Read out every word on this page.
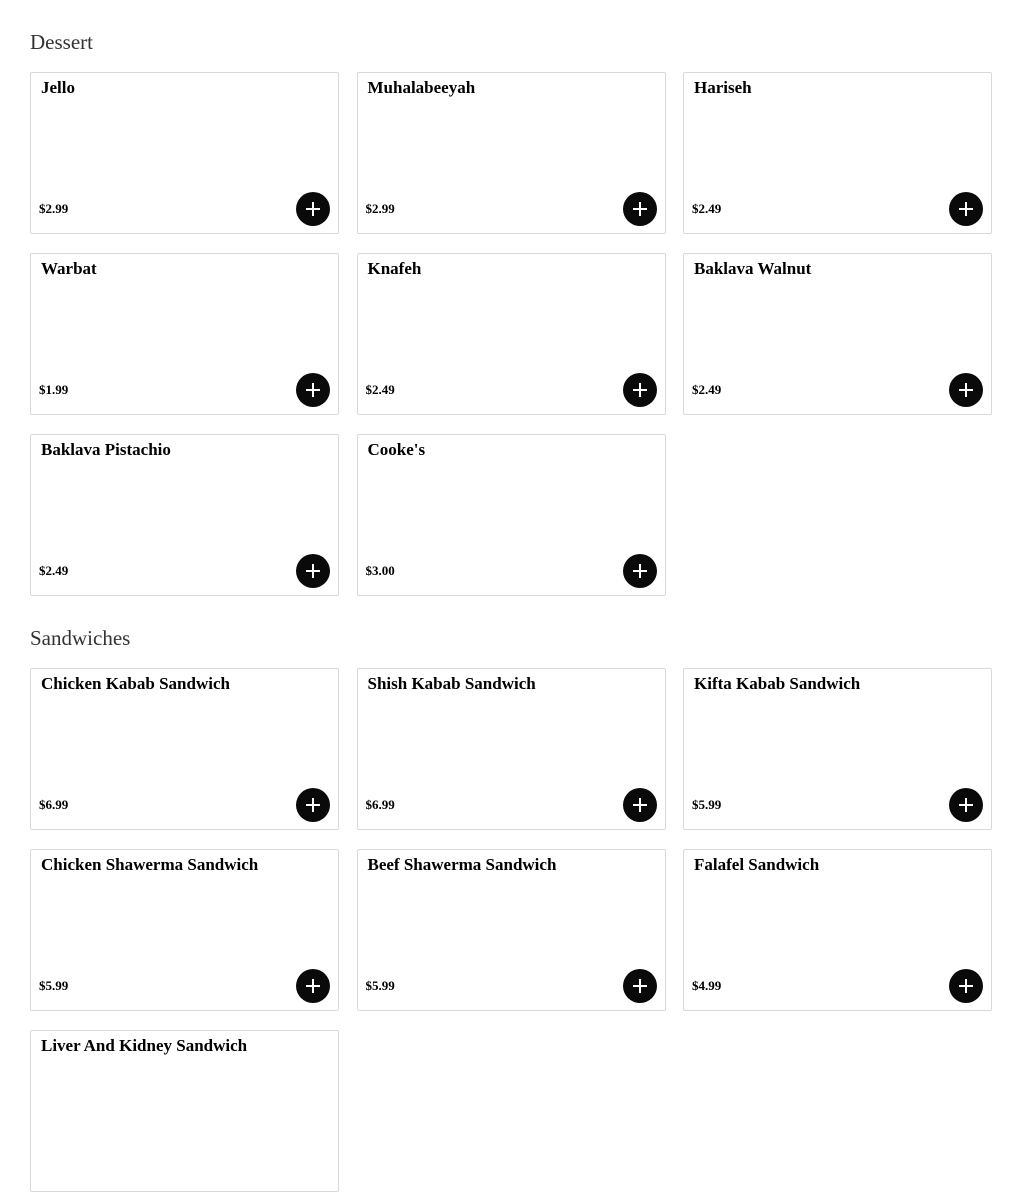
Dessert
Jello
$2.99
Muhalabeeyah
$2.99
Hariseh
$2.49
Warbat
$1.99
Knafeh
$2.49
Baklava Walnut
$2.49
Baklava Pistachio
$2.49
Cooke's
$3.00
Sandwiches
Chicken Kabab Sandwich
$6.99
Shish Kabab Sandwich
$6.99
Kifta Kabab Sandwich
$5.99
Chicken Shawerma Sandwich
$5.99
Beef Shawerma Sandwich
$5.99
Falafel Sandwich
$4.99
Liver And Kidney Sandwich
